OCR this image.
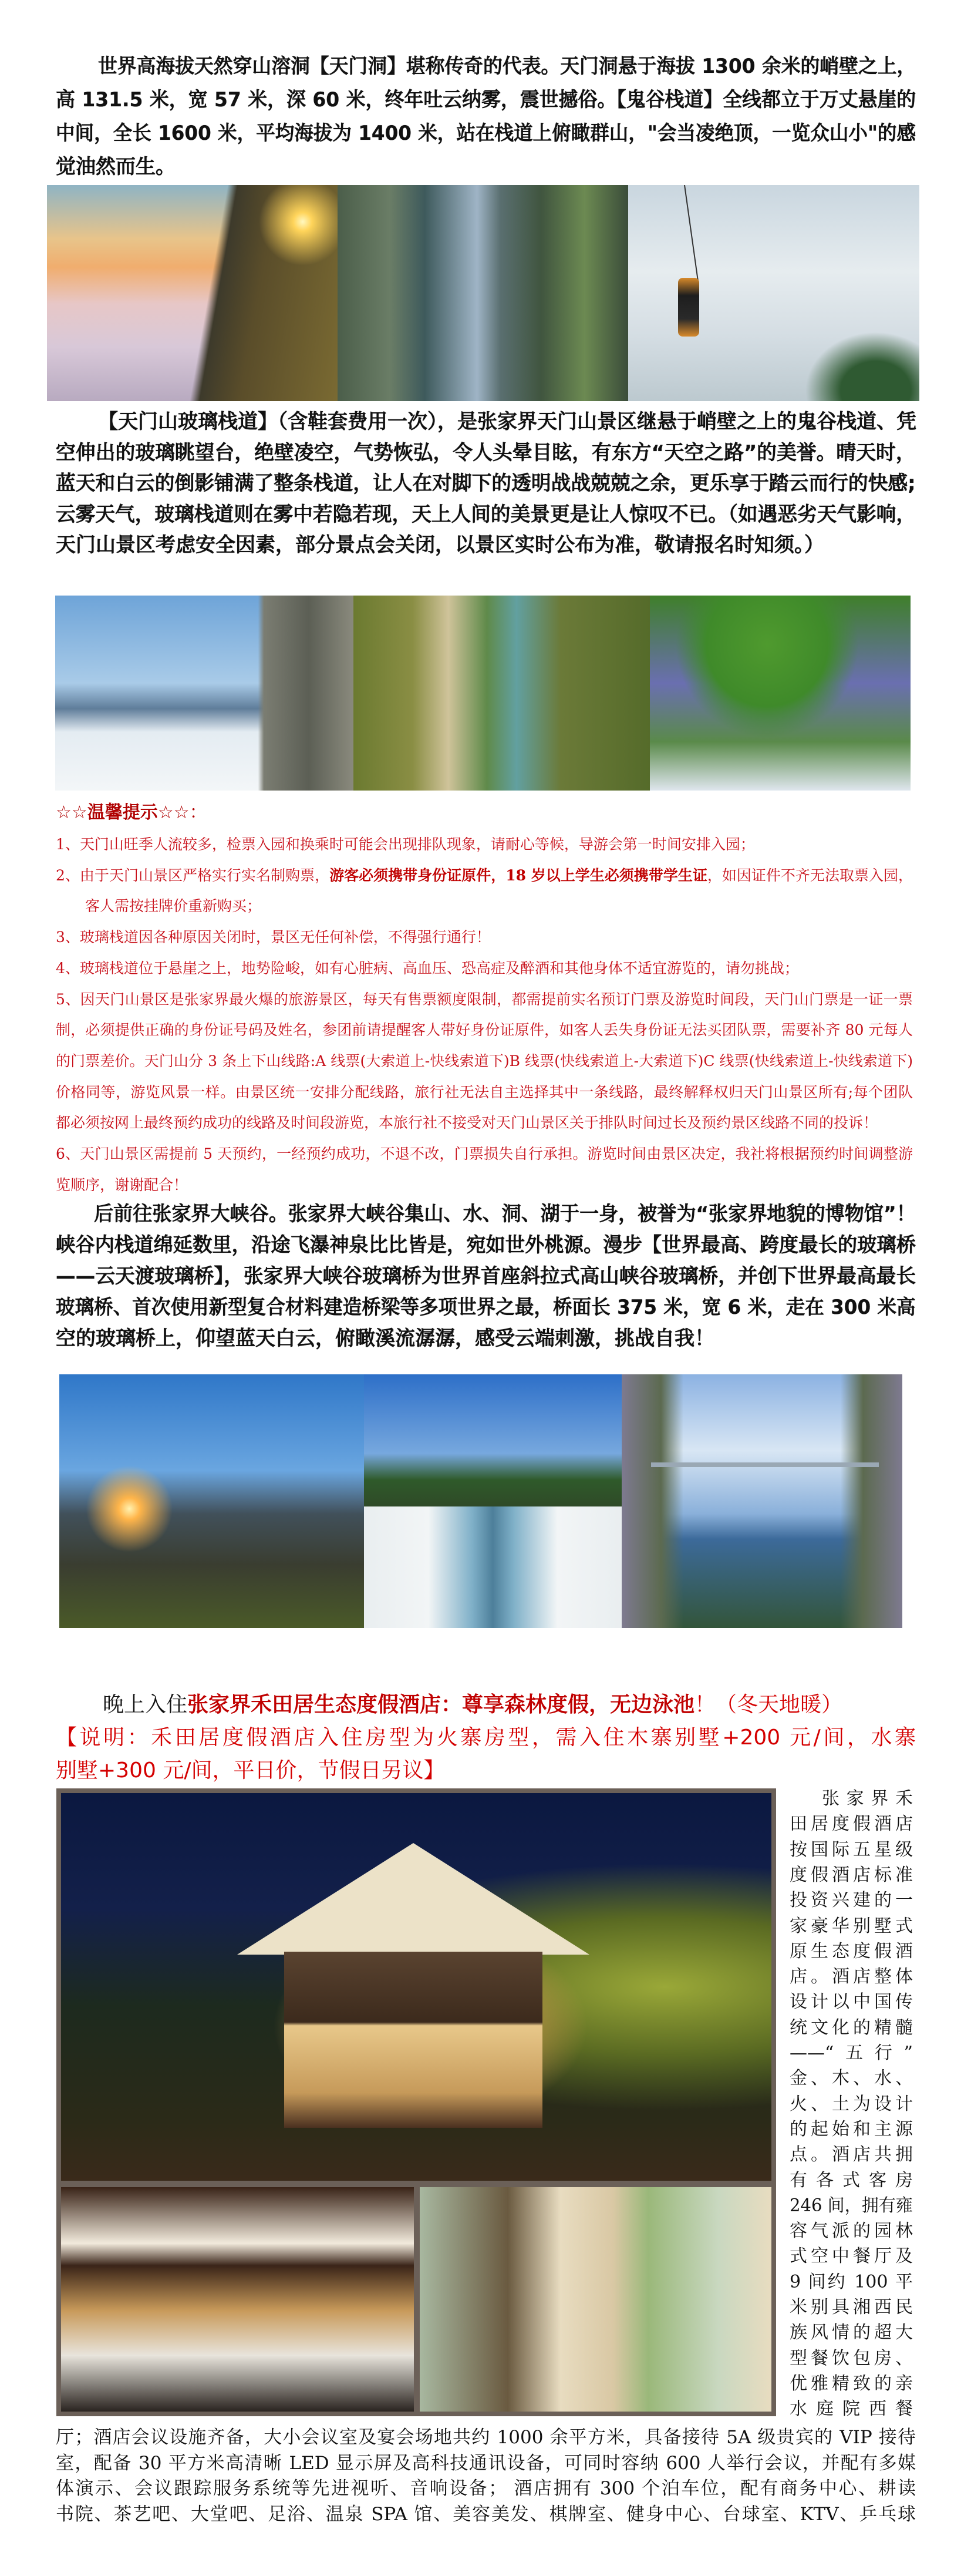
☆☆温馨提示☆☆：
世界高海拔天然穿山溶洞【天门洞】堪称传奇的代表。天门洞悬于海拔 1300 余米的峭壁之上，
高 131.5 米，宽 57 米，深 60 米，终年吐云纳雾，震世撼俗。【鬼谷栈道】全线都立于万丈悬崖的
中间，全长 1600 米，平均海拔为 1400 米，站在栈道上俯瞰群山，"会当凌绝顶，一览众山小"的感
觉油然而生。
【天门山玻璃栈道】（含鞋套费用一次），是张家界天门山景区继悬于峭壁之上的鬼谷栈道、凭
空伸出的玻璃眺望台，绝壁凌空，气势恢弘，令人头晕目眩，有东方“天空之路”的美誉。晴天时，
蓝天和白云的倒影铺满了整条栈道，让人在对脚下的透明战战兢兢之余，更乐享于踏云而行的快感;
云雾天气，玻璃栈道则在雾中若隐若现，天上人间的美景更是让人惊叹不已。（如遇恶劣天气影响，
天门山景区考虑安全因素，部分景点会关闭，以景区实时公布为准，敬请报名时知须。）
1、天门山旺季人流较多，检票入园和换乘时可能会出现排队现象，请耐心等候，导游会第一时间安排入园；
2、由于天门山景区严格实行实名制购票，游客必须携带身份证原件，18 岁以上学生必须携带学生证，如因证件不齐无法取票入园，
客人需按挂牌价重新购买；
3、玻璃栈道因各种原因关闭时，景区无任何补偿，不得强行通行！
4、玻璃栈道位于悬崖之上，地势险峻，如有心脏病、高血压、恐高症及醉酒和其他身体不适宜游览的，请勿挑战；
5、因天门山景区是张家界最火爆的旅游景区，每天有售票额度限制，都需提前实名预订门票及游览时间段，天门山门票是一证一票
制，必须提供正确的身份证号码及姓名，参团前请提醒客人带好身份证原件，如客人丢失身份证无法买团队票，需要补齐 80 元每人
的门票差价。天门山分 3 条上下山线路:A 线票(大索道上-快线索道下)B 线票(快线索道上-大索道下)C 线票(快线索道上-快线索道下)
价格同等，游览风景一样。由景区统一安排分配线路，旅行社无法自主选择其中一条线路，最终解释权归天门山景区所有;每个团队
都必须按网上最终预约成功的线路及时间段游览，本旅行社不接受对天门山景区关于排队时间过长及预约景区线路不同的投诉！
6、天门山景区需提前 5 天预约，一经预约成功，不退不改，门票损失自行承担。游览时间由景区决定，我社将根据预约时间调整游
览顺序，谢谢配合！
后前往张家界大峡谷。张家界大峡谷集山、水、洞、湖于一身，被誉为“张家界地貌的博物馆”！
峡谷内栈道绵延数里，沿途飞瀑神泉比比皆是，宛如世外桃源。漫步【世界最高、跨度最长的玻璃桥
——云天渡玻璃桥】，张家界大峡谷玻璃桥为世界首座斜拉式高山峡谷玻璃桥，并创下世界最高最长
玻璃桥、首次使用新型复合材料建造桥梁等多项世界之最，桥面长 375 米，宽 6 米，走在 300 米高
空的玻璃桥上，仰望蓝天白云，俯瞰溪流潺潺，感受云端刺激，挑战自我！
晚上入住张家界禾田居生态度假酒店：尊享森林度假，无边泳池！（冬天地暖）
【说明：禾田居度假酒店入住房型为火寨房型，需入住木寨别墅+200 元/间，水寨
别墅+300 元/间，平日价，节假日另议】
张家界禾
田居度假酒店
按国际五星级
度假酒店标准
投资兴建的一
家豪华别墅式
原生态度假酒
店。酒店整体
设计以中国传
统文化的精髓
——“五行”
金、木、水、
火、土为设计
的起始和主源
点。酒店共拥
有各式客房
246 间，拥有雍
容气派的园林
式空中餐厅及
9 间约 100 平
米别具湘西民
族风情的超大
型餐饮包房、
优雅精致的亲
水庭院西餐
厅；酒店会议设施齐备，大小会议室及宴会场地共约 1000 余平方米，具备接待 5A 级贵宾的 VIP 接待
室，配备 30 平方米高清晰 LED 显示屏及高科技通讯设备，可同时容纳 600 人举行会议，并配有多媒
体演示、会议跟踪服务系统等先进视听、音响设备； 酒店拥有 300 个泊车位，配有商务中心、耕读
书院、茶艺吧、大堂吧、足浴、温泉 SPA 馆、美容美发、棋牌室、健身中心、台球室、KTV、乒乓球
